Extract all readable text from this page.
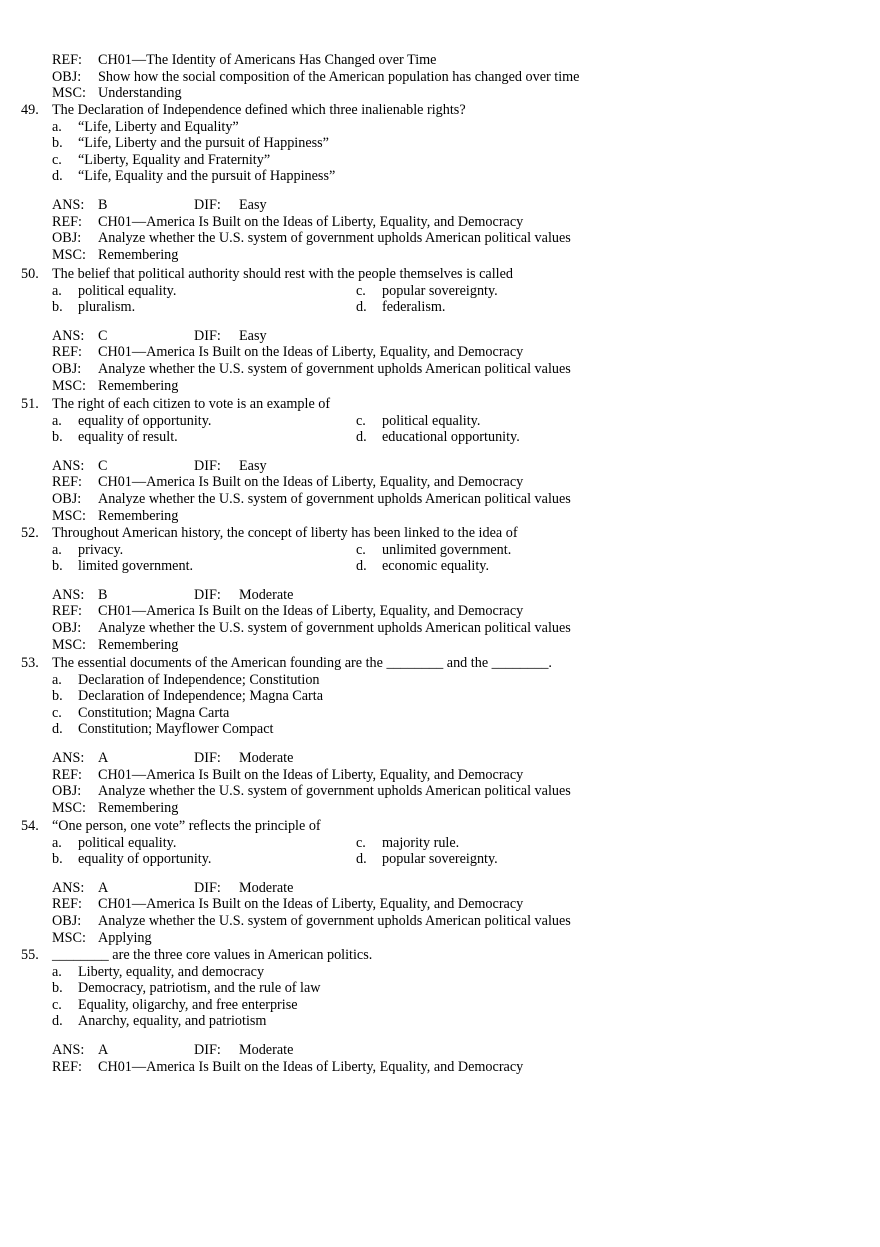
REF: CH01—The Identity of Americans Has Changed over Time
OBJ: Show how the social composition of the American population has changed over time
MSC: Understanding
49. The Declaration of Independence defined which three inalienable rights?
a. “Life, Liberty and Equality”
b. “Life, Liberty and the pursuit of Happiness”
c. “Liberty, Equality and Fraternity”
d. “Life, Equality and the pursuit of Happiness”
ANS: B	DIF: Easy
REF: CH01—America Is Built on the Ideas of Liberty, Equality, and Democracy
OBJ: Analyze whether the U.S. system of government upholds American political values
MSC: Remembering
50. The belief that political authority should rest with the people themselves is called
a. political equality.	c. popular sovereignty.
b. pluralism.	d. federalism.
ANS: C	DIF: Easy
REF: CH01—America Is Built on the Ideas of Liberty, Equality, and Democracy
OBJ: Analyze whether the U.S. system of government upholds American political values
MSC: Remembering
51. The right of each citizen to vote is an example of
a. equality of opportunity.	c. political equality.
b. equality of result.	d. educational opportunity.
ANS: C	DIF: Easy
REF: CH01—America Is Built on the Ideas of Liberty, Equality, and Democracy
OBJ: Analyze whether the U.S. system of government upholds American political values
MSC: Remembering
52. Throughout American history, the concept of liberty has been linked to the idea of
a. privacy.	c. unlimited government.
b. limited government.	d. economic equality.
ANS: B	DIF: Moderate
REF: CH01—America Is Built on the Ideas of Liberty, Equality, and Democracy
OBJ: Analyze whether the U.S. system of government upholds American political values
MSC: Remembering
53. The essential documents of the American founding are the ________ and the ________.
a. Declaration of Independence; Constitution
b. Declaration of Independence; Magna Carta
c. Constitution; Magna Carta
d. Constitution; Mayflower Compact
ANS: A	DIF: Moderate
REF: CH01—America Is Built on the Ideas of Liberty, Equality, and Democracy
OBJ: Analyze whether the U.S. system of government upholds American political values
MSC: Remembering
54. “One person, one vote” reflects the principle of
a. political equality.	c. majority rule.
b. equality of opportunity.	d. popular sovereignty.
ANS: A	DIF: Moderate
REF: CH01—America Is Built on the Ideas of Liberty, Equality, and Democracy
OBJ: Analyze whether the U.S. system of government upholds American political values
MSC: Applying
55. ________ are the three core values in American politics.
a. Liberty, equality, and democracy
b. Democracy, patriotism, and the rule of law
c. Equality, oligarchy, and free enterprise
d. Anarchy, equality, and patriotism
ANS: A	DIF: Moderate
REF: CH01—America Is Built on the Ideas of Liberty, Equality, and Democracy
